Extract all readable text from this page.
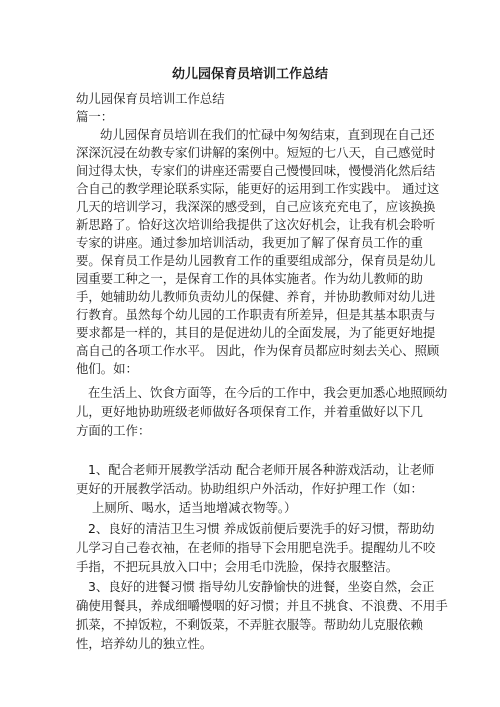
幼儿园保育员培训工作总结
幼儿园保育员培训工作总结
篇一：
幼儿园保育员培训在我们的忙碌中匆匆结束，直到现在自己还
深深沉浸在幼教专家们讲解的案例中。短短的七八天，自己感觉时
间过得太快，专家们的讲座还需要自己慢慢回味，慢慢消化然后结
合自己的教学理论联系实际，能更好的运用到工作实践中。 通过这
几天的培训学习，我深深的感受到，自己应该充充电了，应该换换
新思路了。恰好这次培训给我提供了这次好机会，让我有机会聆听
专家的讲座。通过参加培训活动，我更加了解了保育员工作的重
要。保育员工作是幼儿园教育工作的重要组成部分，保育员是幼儿
园重要工种之一，是保育工作的具体实施者。作为幼儿教师的助
手，她辅助幼儿教师负责幼儿的保健、养育，并协助教师对幼儿进
行教育。虽然每个幼儿园的工作职责有所差异，但是其基本职责与
要求都是一样的，其目的是促进幼儿的全面发展，为了能更好地提
高自己的各项工作水平。 因此，作为保育员都应时刻去关心、照顾
他们。如：
在生活上、饮食方面等，在今后的工作中，我会更加悉心地照顾幼
儿，更好地协助班级老师做好各项保育工作，并着重做好以下几
方面的工作：
1、配合老师开展教学活动 配合老师开展各种游戏活动，让老师
更好的开展教学活动。协助组织户外活动，作好护理工作（如：
上厕所、喝水，适当地增减衣物等。）
2、良好的清洁卫生习惯 养成饭前便后要洗手的好习惯，帮助幼
儿学习自己卷衣袖，在老师的指导下会用肥皂洗手。提醒幼儿不咬
手指，不把玩具放入口中；会用毛巾洗脸，保持衣服整洁。
3、良好的进餐习惯 指导幼儿安静愉快的进餐，坐姿自然，会正
确使用餐具，养成细嚼慢咽的好习惯；并且不挑食、不浪费、不用手
抓菜，不掉饭粒，不剩饭菜，不弄脏衣服等。帮助幼儿克服依赖
性，培养幼儿的独立性。
